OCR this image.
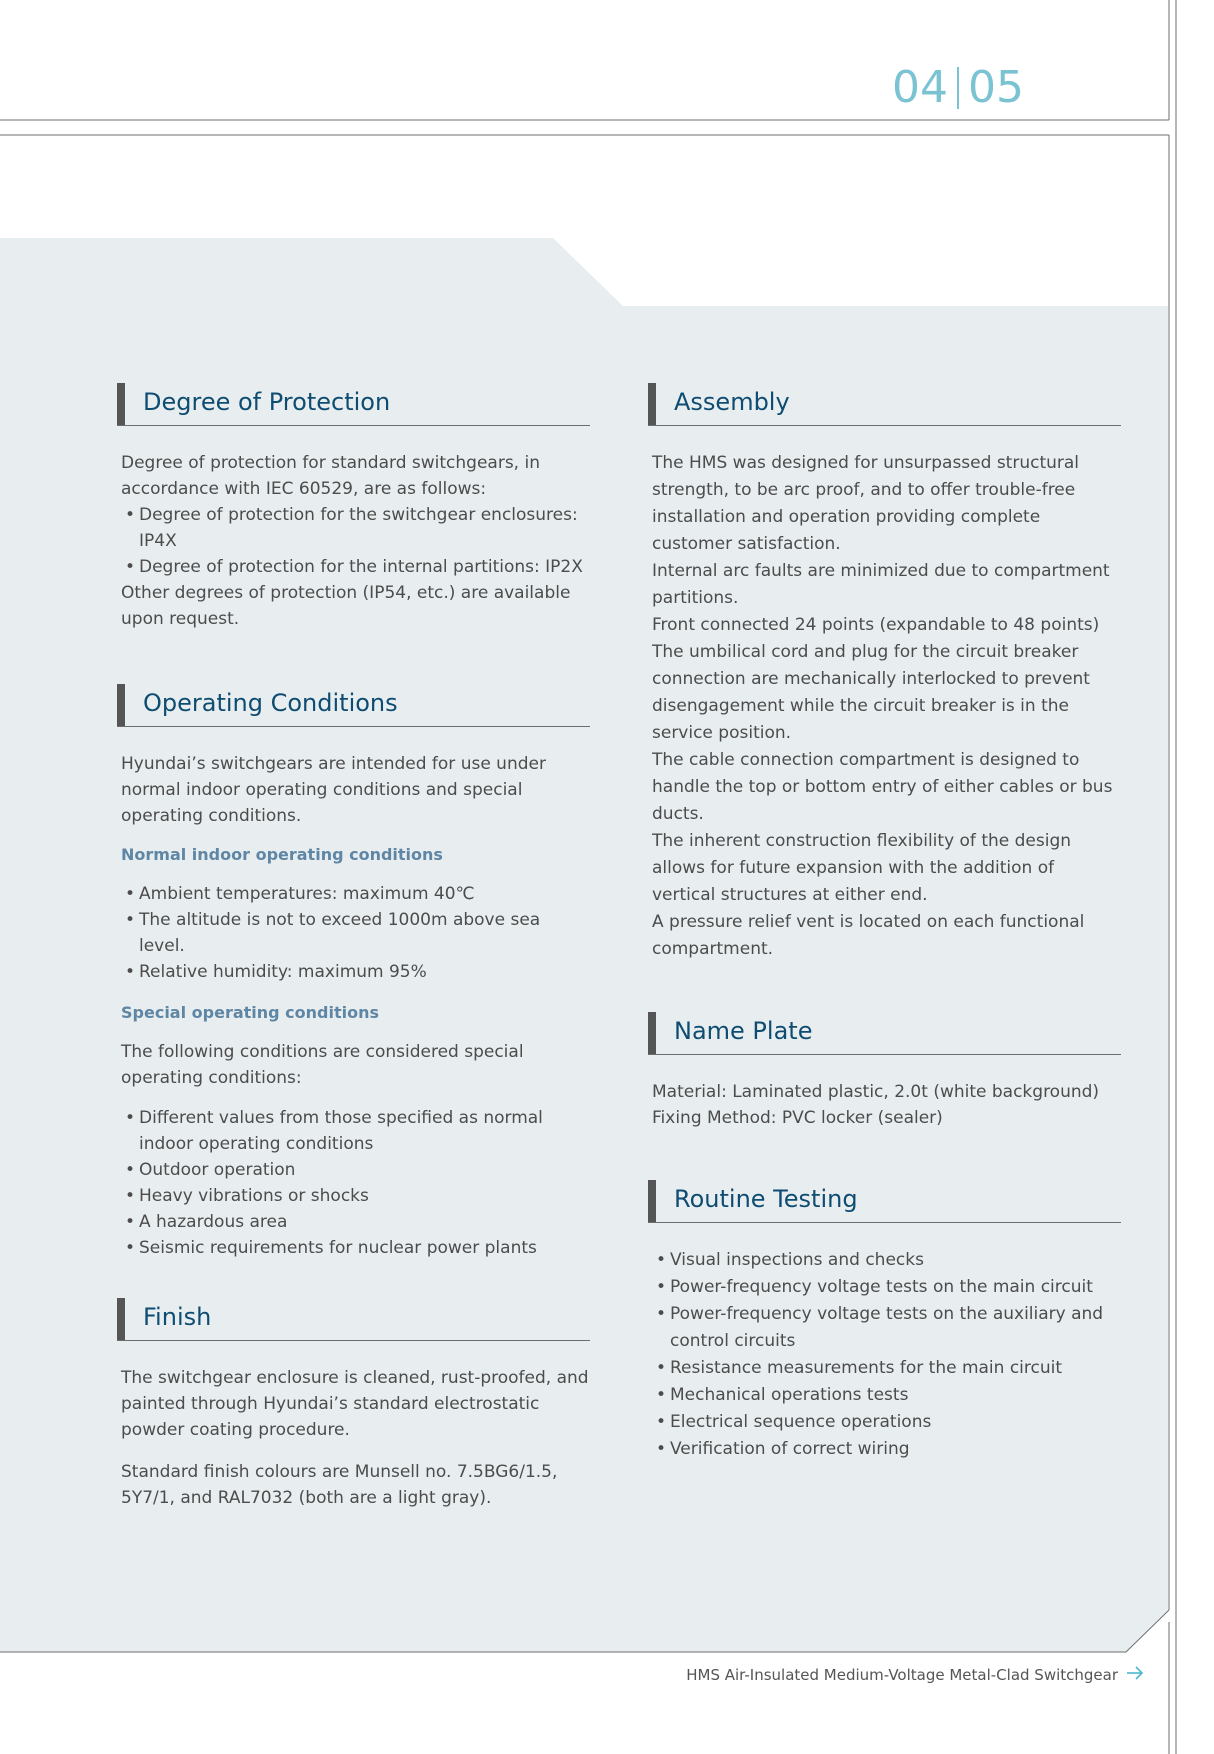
04 05
Degree of Protection

Degree of protection for standard switchgears, in accordance with IEC 60529, are as follows:

• Degree of protection for the switchgear enclosures: IP4X
• Degree of protection for the internal partitions: IP2X

Other degrees of protection (IP54, etc.) are available upon request.

Operating Conditions

Hyundai’s switchgears are intended for use under normal indoor operating conditions and special operating conditions.

Normal indoor operating conditions
• Ambient temperatures: maximum 40℃
• The altitude is not to exceed 1000m above sea level.
• Relative humidity: maximum 95%
Special operating conditions

The following conditions are considered special operating conditions:

• Different values from those specified as normal indoor operating conditions
• Outdoor operation
• Heavy vibrations or shocks
• A hazardous area
• Seismic requirements for nuclear power plants
Finish

The switchgear enclosure is cleaned, rust-proofed, and painted through Hyundai’s standard electrostatic powder coating procedure.

Standard finish colours are Munsell no. 7.5BG6/1.5, 5Y7/1, and RAL7032 (both are a light gray).

Assembly

The HMS was designed for unsurpassed structural strength, to be arc proof, and to offer trouble-free installation and operation providing complete customer satisfaction.

Internal arc faults are minimized due to compartment partitions.

Front connected 24 points (expandable to 48 points)

The umbilical cord and plug for the circuit breaker connection are mechanically interlocked to prevent disengagement while the circuit breaker is in the service position.

The cable connection compartment is designed to handle the top or bottom entry of either cables or bus ducts.

The inherent construction flexibility of the design allows for future expansion with the addition of vertical structures at either end.

A pressure relief vent is located on each functional compartment.

Name Plate

Material: Laminated plastic, 2.0t (white background)

Fixing Method: PVC locker (sealer)

Routine Testing
• Visual inspections and checks
• Power-frequency voltage tests on the main circuit
• Power-frequency voltage tests on the auxiliary and control circuits
• Resistance measurements for the main circuit
• Mechanical operations tests
• Electrical sequence operations
• Verification of correct wiring
HMS Air-Insulated Medium-Voltage Metal-Clad Switchgear
